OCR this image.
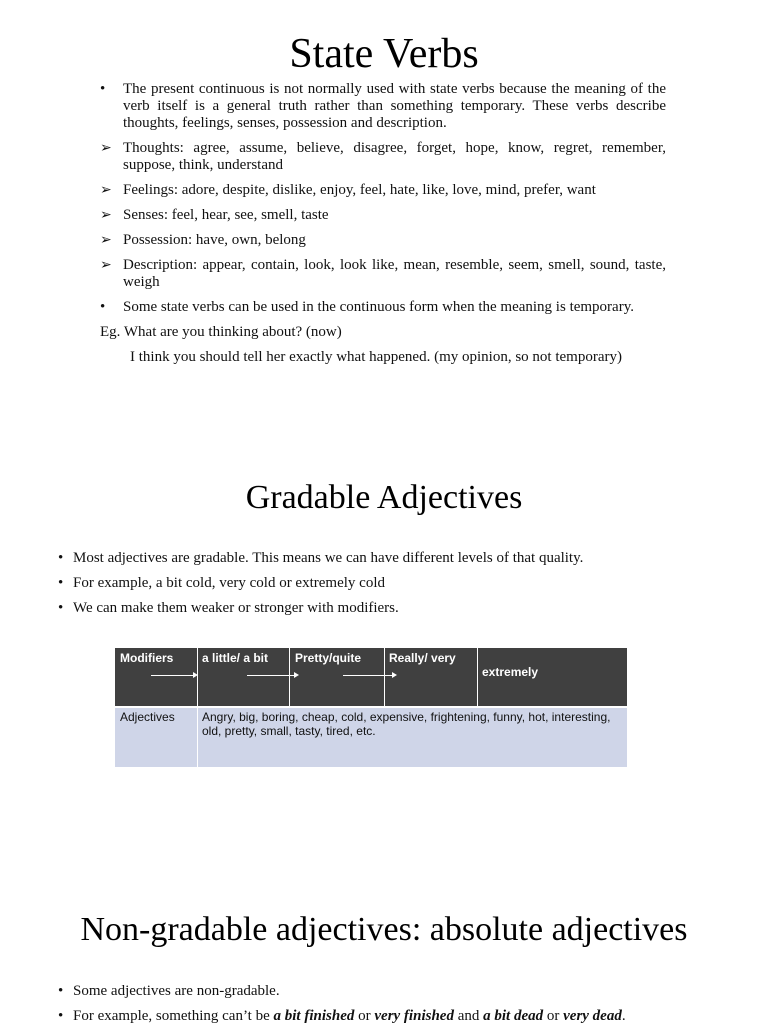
State Verbs
•	The present continuous is not normally used with state verbs because the meaning of the verb itself is a general truth rather than something temporary. These verbs describe thoughts, feelings, senses, possession and description.
➢ Thoughts: agree, assume, believe, disagree, forget, hope, know, regret, remember, suppose, think, understand
➢ Feelings: adore, despite, dislike, enjoy, feel, hate, like, love, mind, prefer, want
➢ Senses: feel, hear, see, smell, taste
➢ Possession: have, own, belong
➢ Description: appear, contain, look, look like, mean, resemble, seem, smell, sound, taste, weigh
•	Some state verbs can be used in the continuous form when the meaning is temporary.
Eg. What are you thinking about? (now)
I think you should tell her exactly what happened. (my opinion, so not temporary)
Gradable Adjectives
• Most adjectives are gradable. This means we can have different levels of that quality.
• For example, a bit cold, very cold or extremely cold
• We can make them weaker or stronger with modifiers.
Modifiers a little/ a bit Pretty/quite Really/ very
extremely
Adjectives Angry, big, boring, cheap, cold, expensive, frightening, funny, hot, interesting, old, pretty, small, tasty, tired, etc.
Non-gradable adjectives: absolute adjectives
• Some adjectives are non-gradable.
• For example, something can’t be a bit finished or very finished and a bit dead or very dead.
